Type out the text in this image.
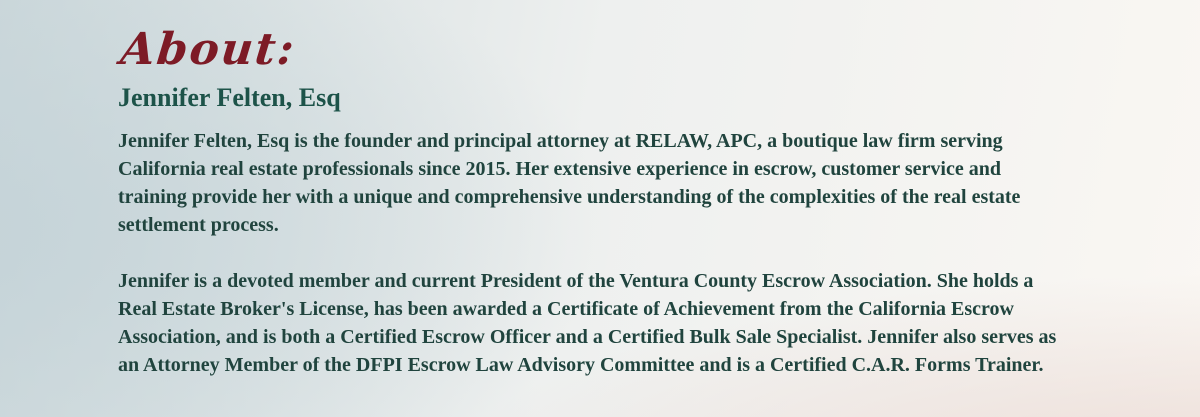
About:
Jennifer Felten, Esq

Jennifer Felten, Esq is the founder and principal attorney at RELAW, APC, a boutique law firm serving California real estate professionals since 2015. Her extensive experience in escrow, customer service and training provide her with a unique and comprehensive understanding of the complexities of the real estate settlement process.

Jennifer is a devoted member and current President of the Ventura County Escrow Association. She holds a Real Estate Broker's License, has been awarded a Certificate of Achievement from the California Escrow Association, and is both a Certified Escrow Officer and a Certified Bulk Sale Specialist. Jennifer also serves as an Attorney Member of the DFPI Escrow Law Advisory Committee and is a Certified C.A.R. Forms Trainer.
